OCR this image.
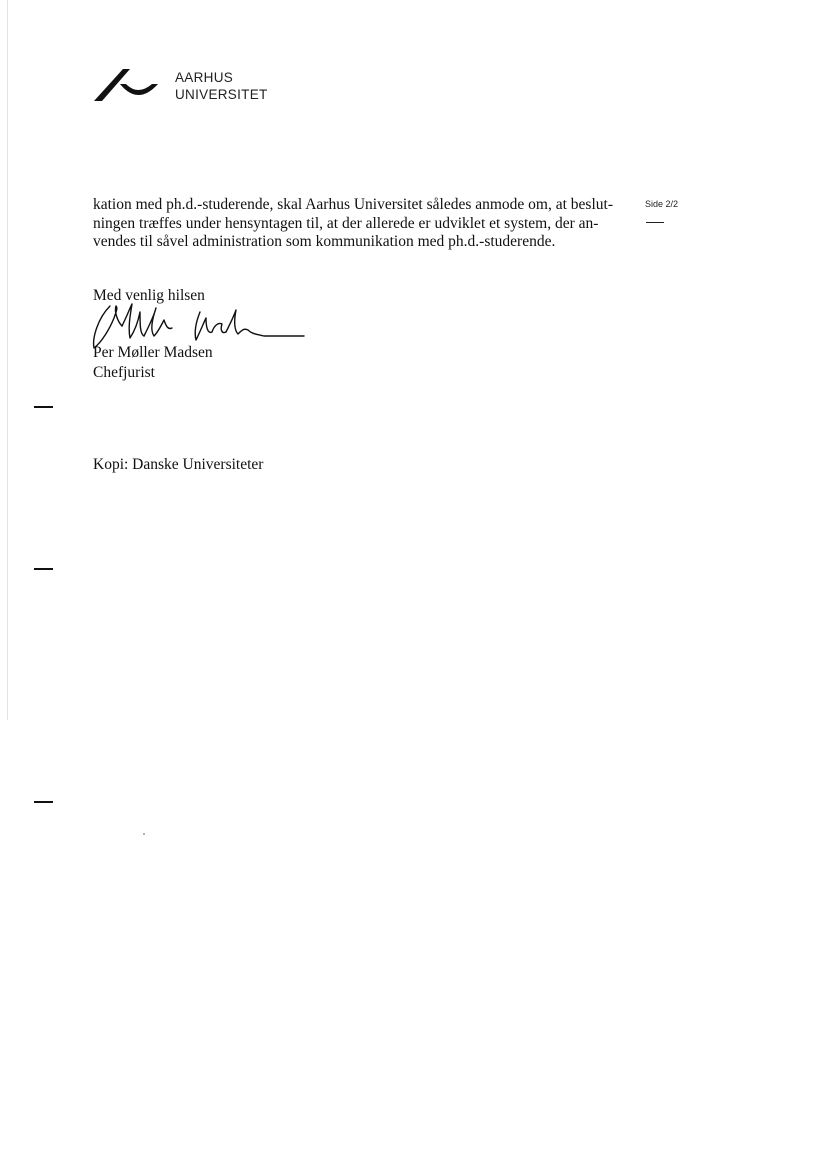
AARHUS
UNIVERSITET
Side 2/2

kation med ph.d.-studerende, skal Aarhus Universitet således anmode om, at beslut-
ningen træffes under hensyntagen til, at der allerede er udviklet et system, der an-
vendes til såvel administration som kommunikation med ph.d.-studerende.

Med venlig hilsen
Per Møller Madsen
Chefjurist
Kopi: Danske Universiteter
